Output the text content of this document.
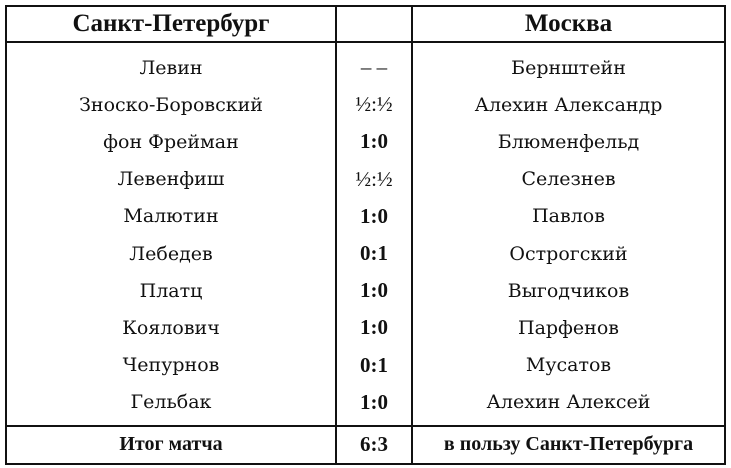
Санкт-Петербург		Москва
Левин	– –	Бернштейн
Зноско-Боровский	½:½	Алехин Александр
фон Фрейман	1:0	Блюменфельд
Левенфиш	½:½	Селезнев
Малютин	1:0	Павлов
Лебедев	0:1	Острогский
Платц	1:0	Выгодчиков
Коялович	1:0	Парфенов
Чепурнов	0:1	Мусатов
Гельбак	1:0	Алехин Алексей
Итог матча	6:3	в пользу Санкт-Петербурга
